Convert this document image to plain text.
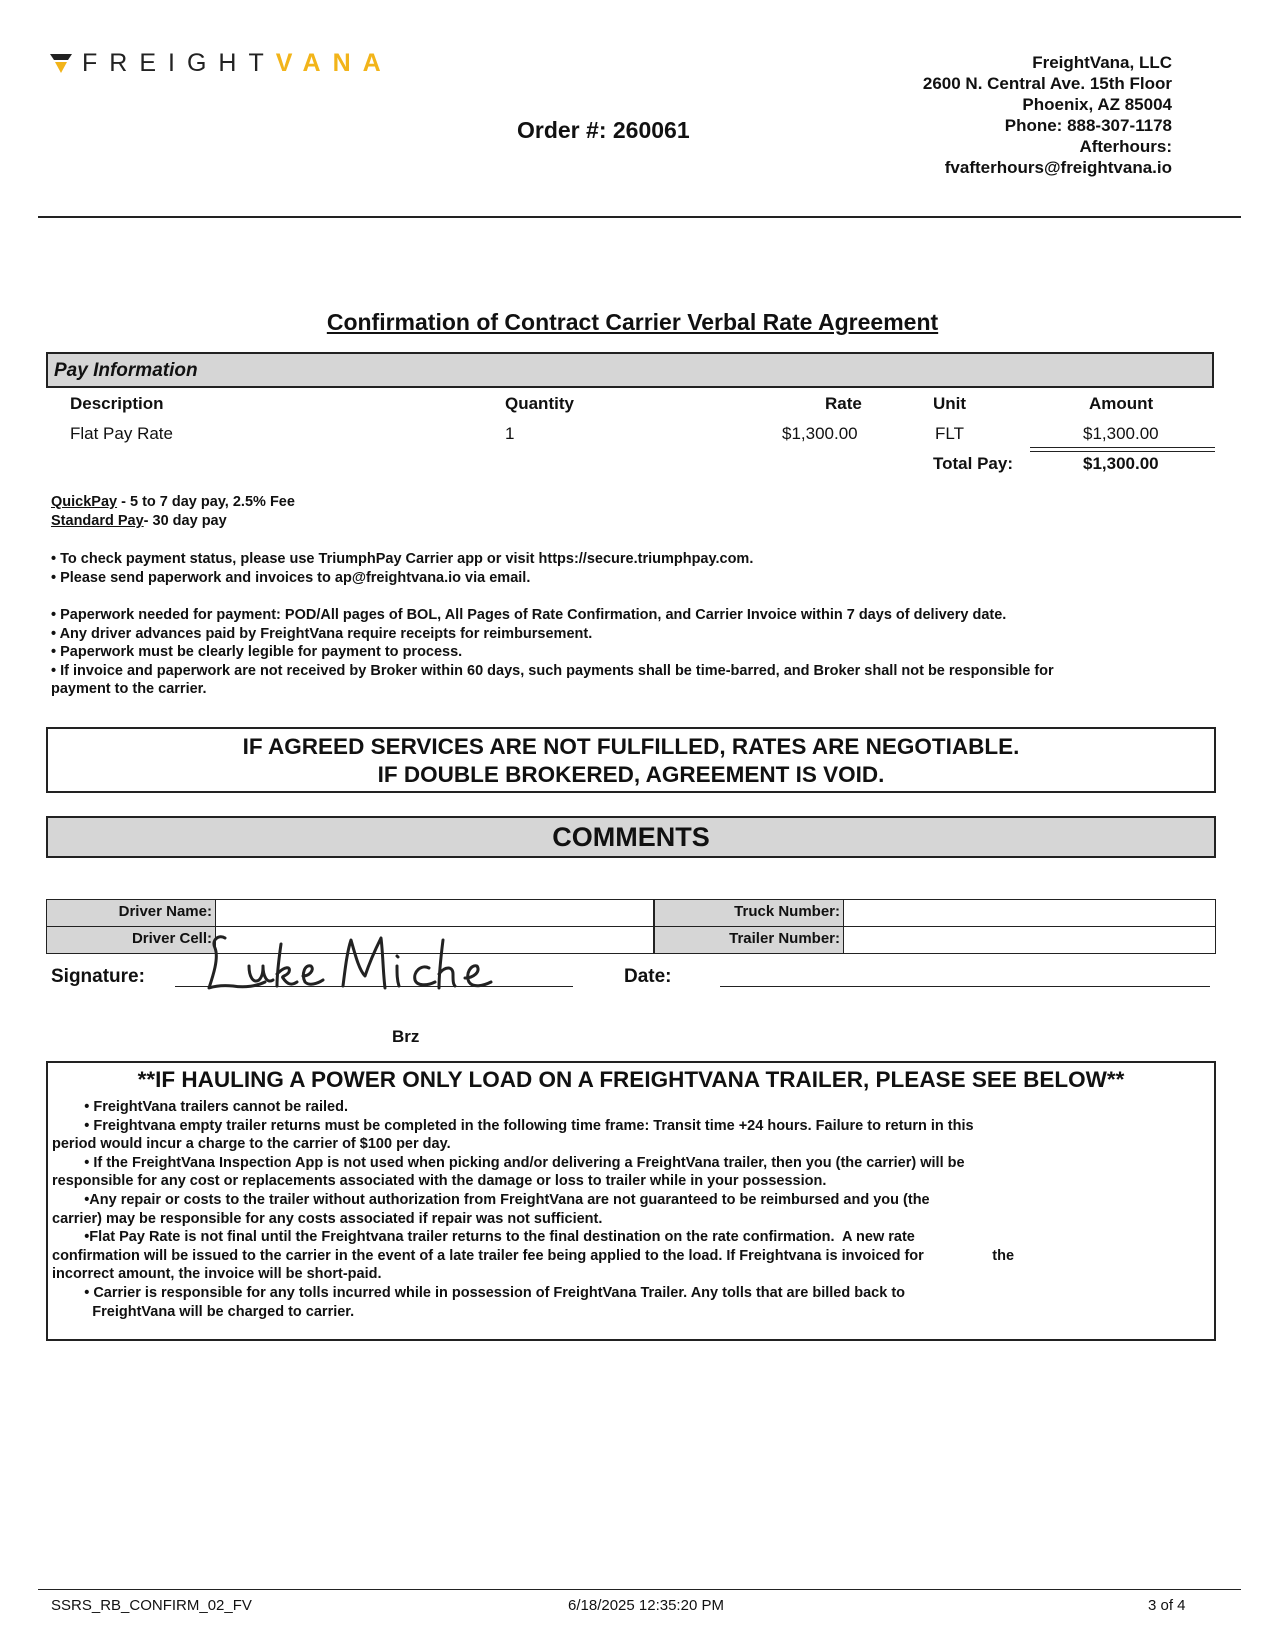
FREIGHTVANA	FreightVana, LLC
2600 N. Central Ave. 15th Floor
Phoenix, AZ 85004
Phone: 888-307-1178
Afterhours:
fvafterhours@freightvana.io
Order #: 260061
Confirmation of Contract Carrier Verbal Rate Agreement
Pay Information
Description	Quantity	Rate	Unit	Amount
Flat Pay Rate	1	$1,300.00	FLT	$1,300.00
Total Pay:	$1,300.00
QuickPay - 5 to 7 day pay, 2.5% Fee
Standard Pay- 30 day pay
• To check payment status, please use TriumphPay Carrier app or visit https://secure.triumphpay.com.
• Please send paperwork and invoices to ap@freightvana.io via email.
• Paperwork needed for payment: POD/All pages of BOL, All Pages of Rate Confirmation, and Carrier Invoice within 7 days of delivery date.
• Any driver advances paid by FreightVana require receipts for reimbursement.
• Paperwork must be clearly legible for payment to process.
• If invoice and paperwork are not received by Broker within 60 days, such payments shall be time-barred, and Broker shall not be responsible for
payment to the carrier.
IF AGREED SERVICES ARE NOT FULFILLED, RATES ARE NEGOTIABLE.
IF DOUBLE BROKERED, AGREEMENT IS VOID.
COMMENTS
Driver Name:	Truck Number:
Driver Cell:	Trailer Number:
Signature:	Date:
Brz
**IF HAULING A POWER ONLY LOAD ON A FREIGHTVANA TRAILER, PLEASE SEE BELOW**
• FreightVana trailers cannot be railed.
• Freightvana empty trailer returns must be completed in the following time frame: Transit time +24 hours. Failure to return in this
period would incur a charge to the carrier of $100 per day.
• If the FreightVana Inspection App is not used when picking and/or delivering a FreightVana trailer, then you (the carrier) will be
responsible for any cost or replacements associated with the damage or loss to trailer while in your possession.
•Any repair or costs to the trailer without authorization from FreightVana are not guaranteed to be reimbursed and you (the
carrier) may be responsible for any costs associated if repair was not sufficient.
•Flat Pay Rate is not final until the Freightvana trailer returns to the final destination on the rate confirmation.  A new rate
confirmation will be issued to the carrier in the event of a late trailer fee being applied to the load. If Freightvana is invoiced for                 the
incorrect amount, the invoice will be short-paid.
• Carrier is responsible for any tolls incurred while in possession of FreightVana Trailer. Any tolls that are billed back to
FreightVana will be charged to carrier.
SSRS_RB_CONFIRM_02_FV	6/18/2025 12:35:20 PM	3 of 4
